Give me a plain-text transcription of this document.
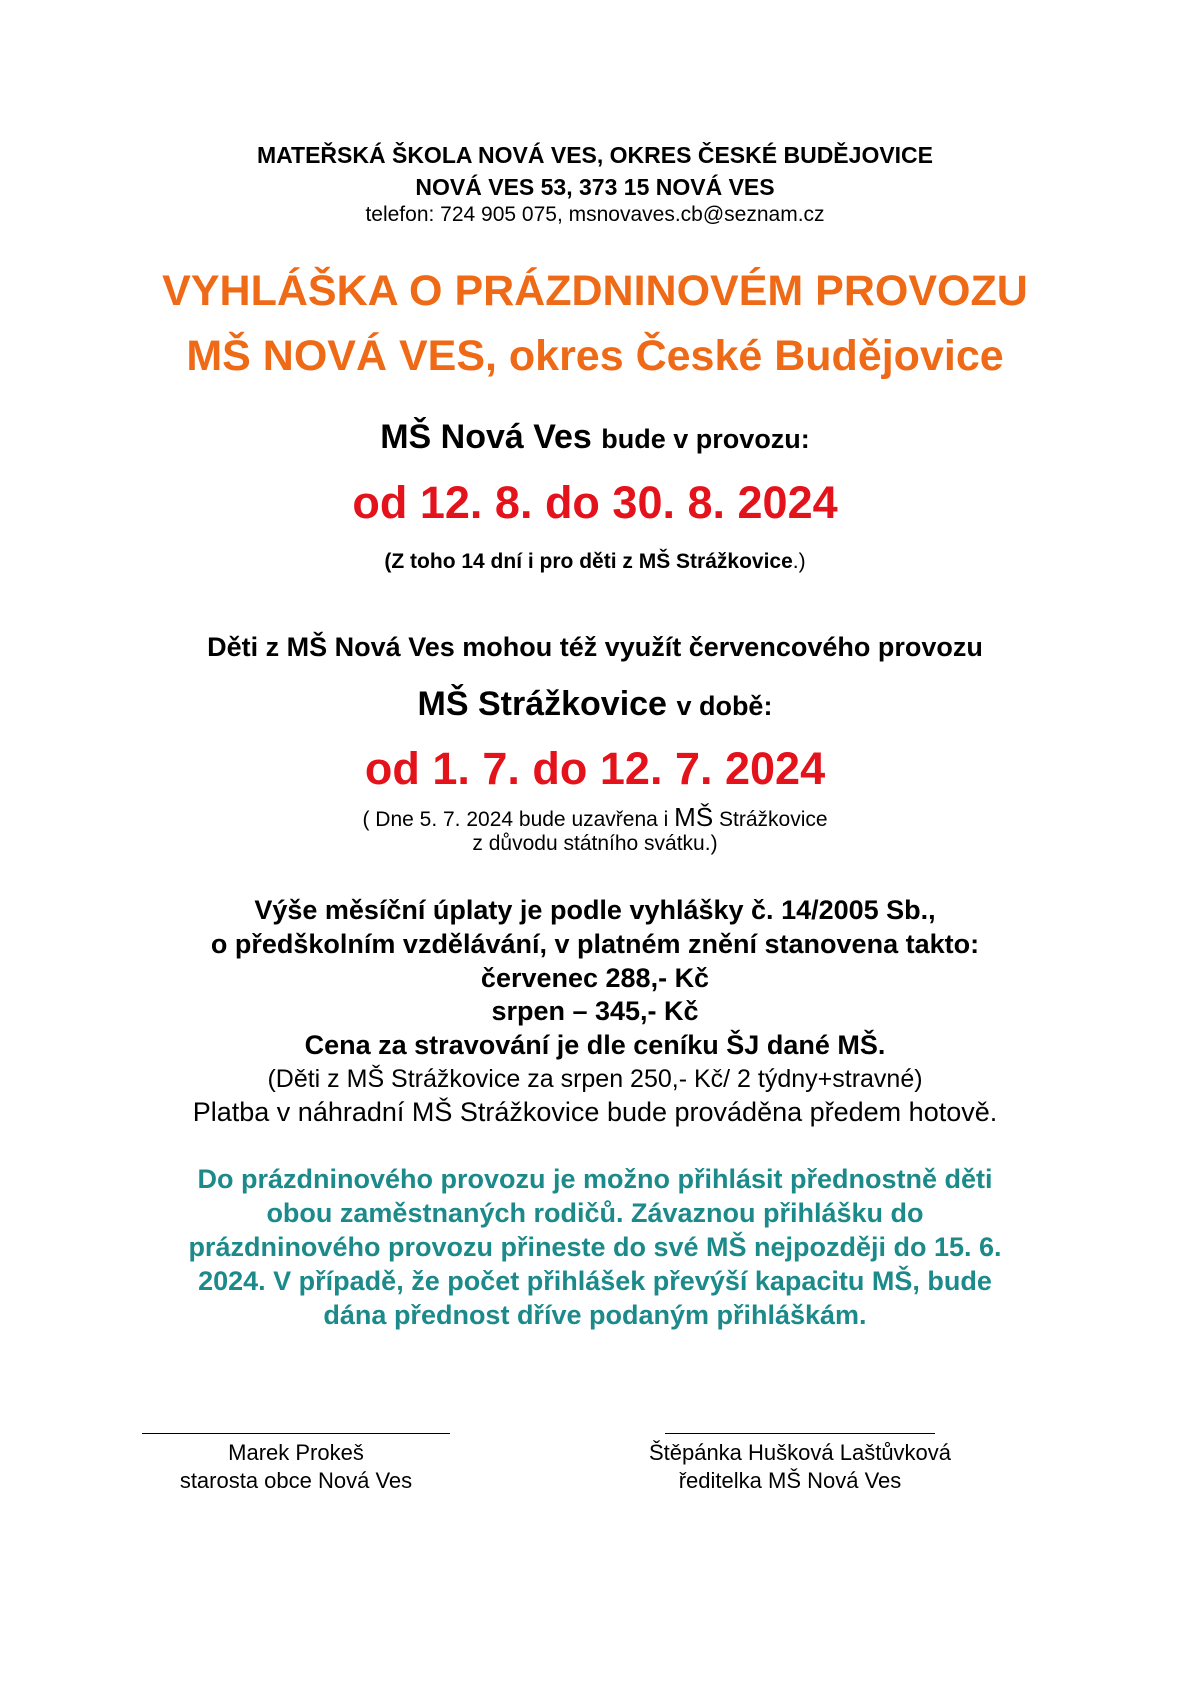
MATEŘSKÁ ŠKOLA NOVÁ VES, OKRES ČESKÉ BUDĚJOVICE
NOVÁ VES 53, 373 15 NOVÁ VES
telefon: 724 905 075, msnovaves.cb@seznam.cz
VYHLÁŠKA O PRÁZDNINOVÉM PROVOZU
MŠ NOVÁ VES, okres České Budějovice
MŠ Nová Ves bude v provozu:
od 12. 8. do 30. 8. 2024
(Z toho 14 dní i pro děti z MŠ Strážkovice.)
Děti z MŠ Nová Ves mohou též využít červencového provozu
MŠ Strážkovice v době:
od 1. 7. do 12. 7. 2024
( Dne 5. 7. 2024 bude uzavřena i MŠ Strážkovice
z důvodu státního svátku.)
Výše měsíční úplaty je podle vyhlášky č. 14/2005 Sb.,
o předškolním vzdělávání, v platném znění stanovena takto:
červenec 288,- Kč
srpen – 345,- Kč
Cena za stravování je dle ceníku ŠJ dané MŠ.
(Děti z MŠ Strážkovice za srpen 250,- Kč/ 2 týdny+stravné)
Platba v náhradní MŠ Strážkovice bude prováděna předem hotově.
Do prázdninového provozu je možno přihlásit přednostně děti
obou zaměstnaných rodičů. Závaznou přihlášku do
prázdninového provozu přineste do své MŠ nejpozději do 15. 6.
2024. V případě, že počet přihlášek převýší kapacitu MŠ, bude
dána přednost dříve podaným přihláškám.
Marek Prokeš
starosta obce Nová Ves
Štěpánka Hušková Laštůvková
ředitelka MŠ Nová Ves
